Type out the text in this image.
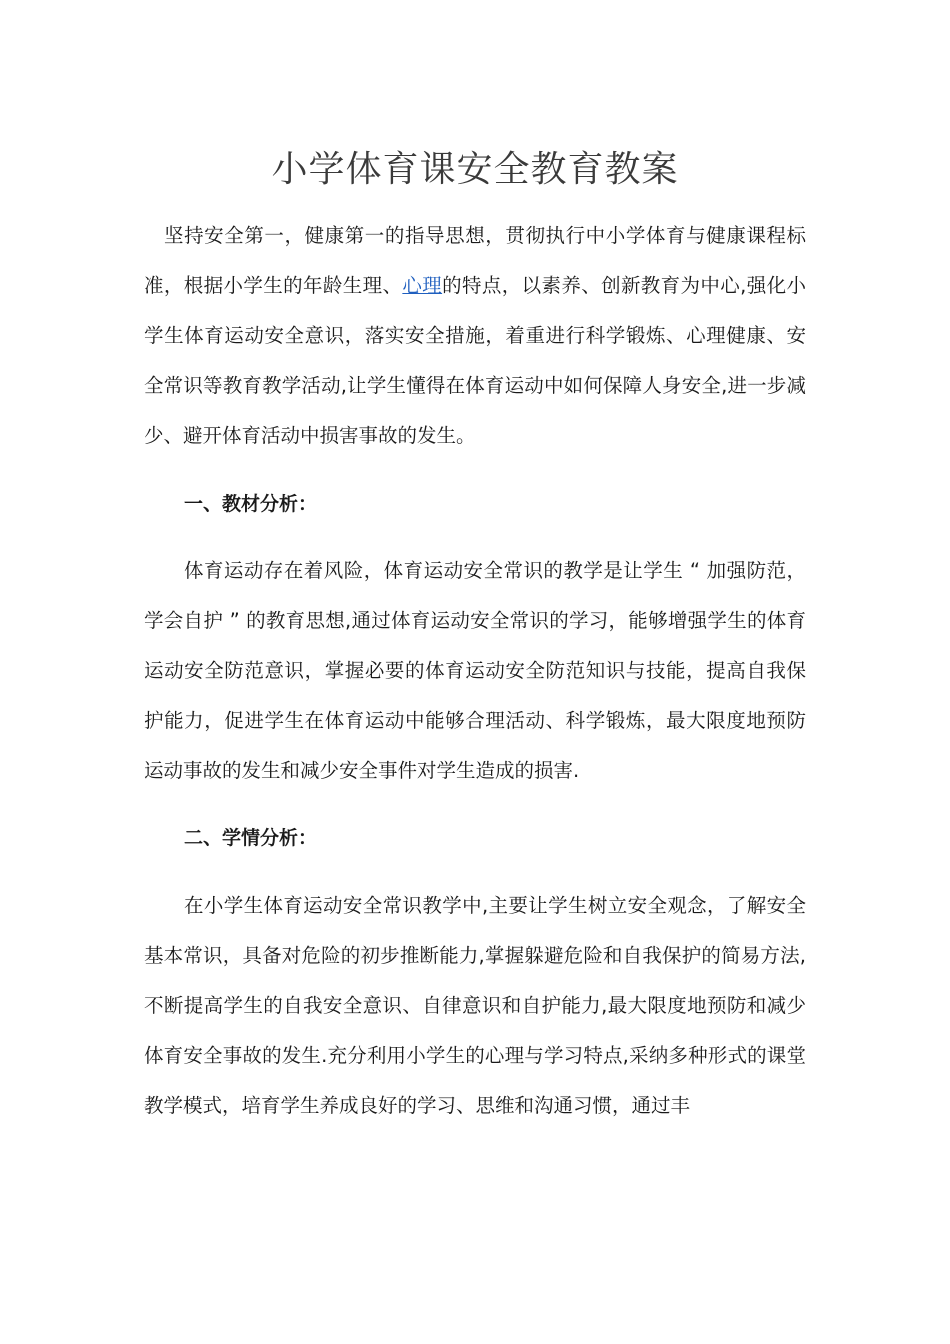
小学体育课安全教育教案

坚持安全第一，健康第一的指导思想，贯彻执行中小学体育与健康课程标准，根据小学生的年龄生理、心理的特点，以素养、创新教育为中心,强化小学生体育运动安全意识，落实安全措施，着重进行科学锻炼、心理健康、安全常识等教育教学活动,让学生懂得在体育运动中如何保障人身安全,进一步减少、避开体育活动中损害事故的发生。

一、教材分析：

体育运动存在着风险，体育运动安全常识的教学是让学生 “ 加强防范，学会自护 ” 的教育思想,通过体育运动安全常识的学习，能够增强学生的体育运动安全防范意识，掌握必要的体育运动安全防范知识与技能，提高自我保护能力，促进学生在体育运动中能够合理活动、科学锻炼，最大限度地预防运动事故的发生和减少安全事件对学生造成的损害.

二、学情分析：

在小学生体育运动安全常识教学中,主要让学生树立安全观念，了解安全基本常识，具备对危险的初步推断能力,掌握躲避危险和自我保护的简易方法,不断提高学生的自我安全意识、自律意识和自护能力,最大限度地预防和减少体育安全事故的发生.充分利用小学生的心理与学习特点,采纳多种形式的课堂教学模式，培育学生养成良好的学习、思维和沟通习惯，通过丰
